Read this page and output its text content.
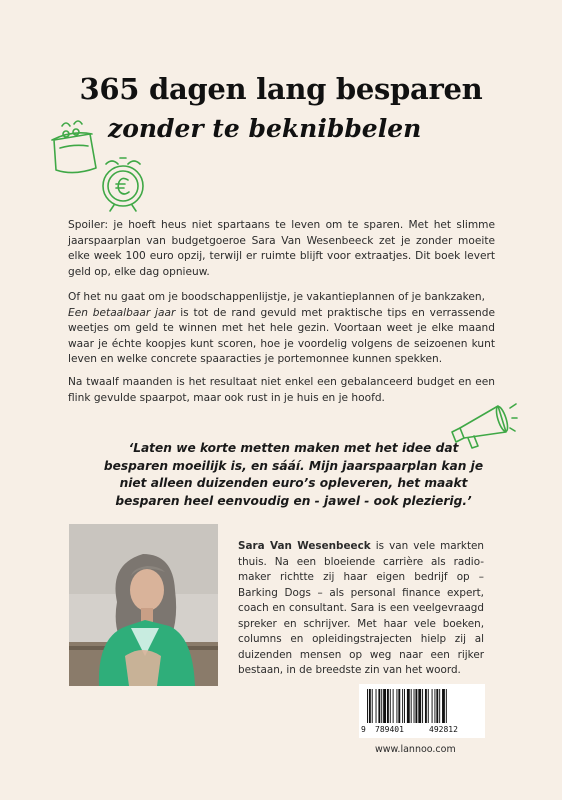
365 dagen lang besparen
zonder te beknibbelen

Spoiler: je hoeft heus niet spartaans te leven om te sparen. Met het slimme jaarspaarplan van budgetgoeroe Sara Van Wesenbeeck zet je zonder moeite elke week 100 euro opzij, terwijl er ruimte blijft voor extraatjes. Dit boek levert geld op, elke dag opnieuw.

Of het nu gaat om je boodschappenlijstje, je vakantieplannen of je bankzaken,
Een betaalbaar jaar is tot de rand gevuld met praktische tips en verrassende weetjes om geld te winnen met het hele gezin. Voortaan weet je elke maand waar je échte koopjes kunt scoren, hoe je voordelig volgens de seizoenen kunt leven en welke concrete spaaracties je portemonnee kunnen spekken.

Na twaalf maanden is het resultaat niet enkel een gebalanceerd budget en een flink gevulde spaarpot, maar ook rust in je huis en je hoofd.

‘Laten we korte metten maken met het idee dat besparen moeilijk is, en sááí. Mijn jaarspaarplan kan je niet alleen duizenden euro’s opleveren, het maakt besparen heel eenvoudig en - jawel - ook plezierig.’

Sara Van Wesenbeeck is van vele markten thuis. Na een bloeiende carrière als radio-maker richtte zij haar eigen bedrijf op – Barking Dogs – als personal finance expert, coach en consultant. Sara is een veelgevraagd spreker en schrijver. Met haar vele boeken, columns en opleidingstrajecten hielp zij al duizenden mensen op weg naar een rijker bestaan, in de breedste zin van het woord.

9 789401	492812
www.lannoo.com
